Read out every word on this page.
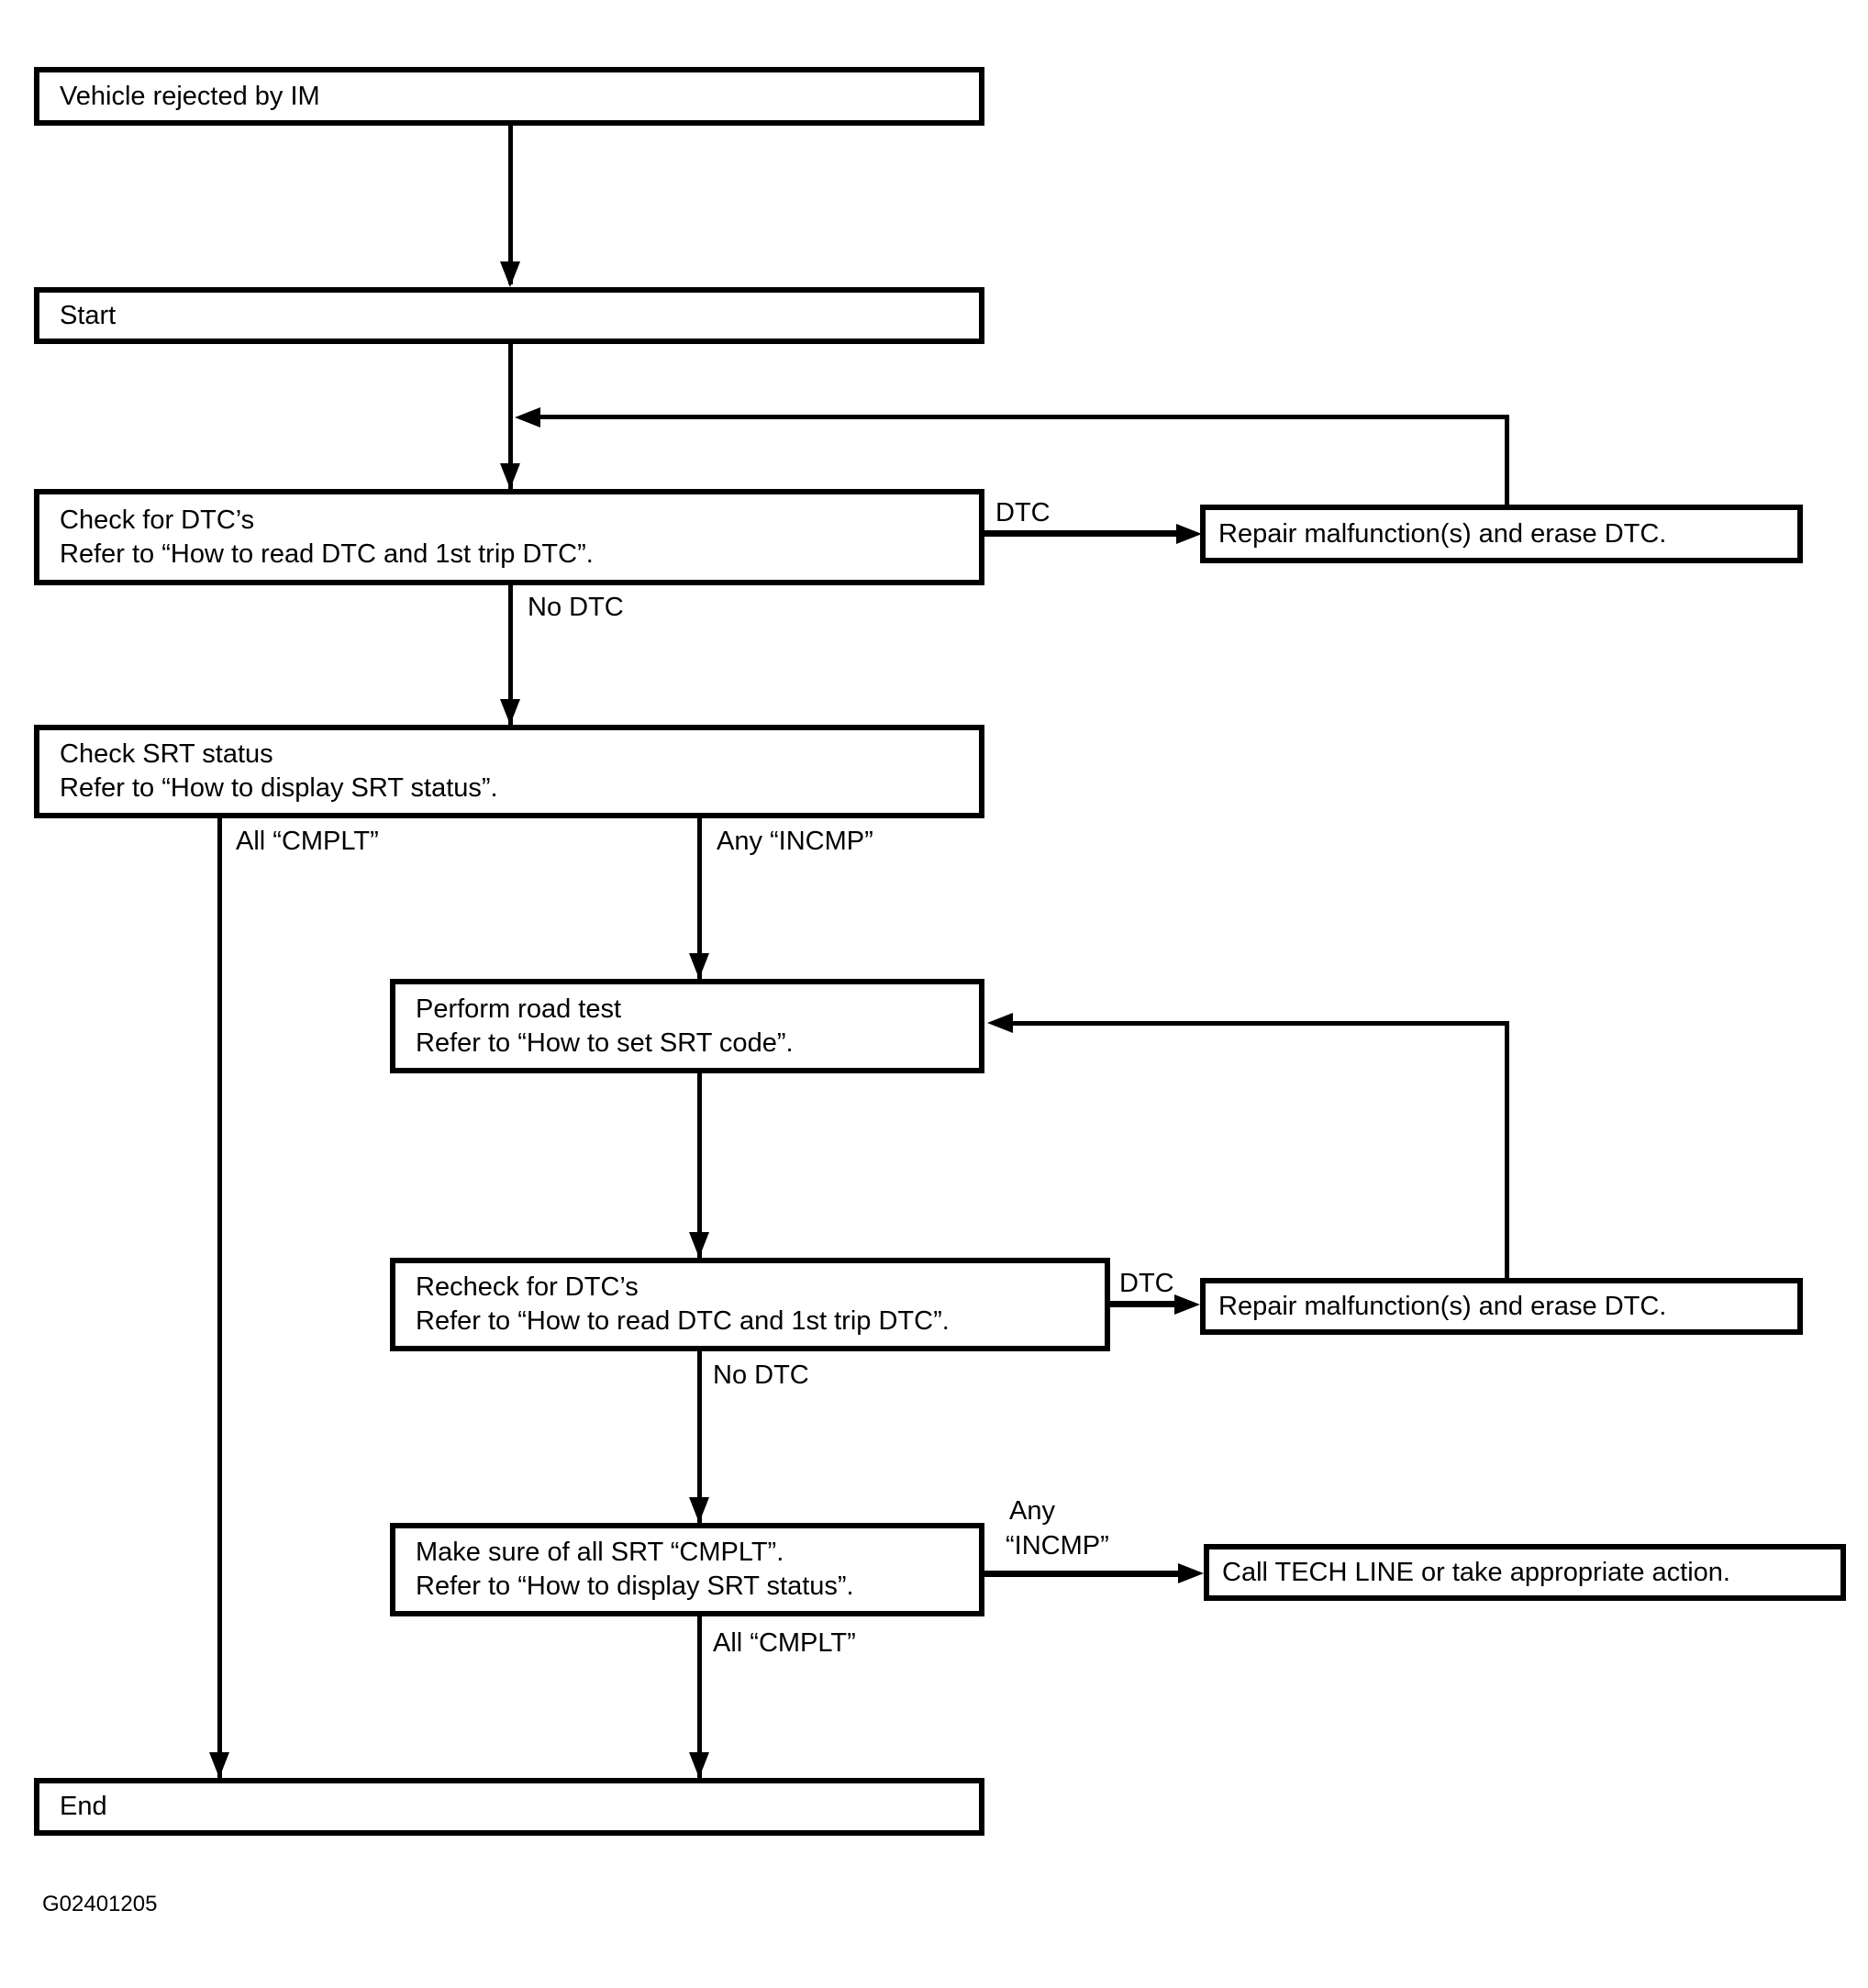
Vehicle rejected by IM
Start
Check for DTC’s
Refer to “How to read DTC and 1st trip DTC”.
Repair malfunction(s) and erase DTC.
Check SRT status
Refer to “How to display SRT status”.
Perform road test
Refer to “How to set SRT code”.
Recheck for DTC’s
Refer to “How to read DTC and 1st trip DTC”.
Repair malfunction(s) and erase DTC.
Make sure of all SRT “CMPLT”.
Refer to “How to display SRT status”.	Call TECH LINE or take appropriate action.
End
DTC
No DTC
All “CMPLT”	Any “INCMP”
DTC
No DTC
Any
“INCMP”
All “CMPLT”
G02401205
